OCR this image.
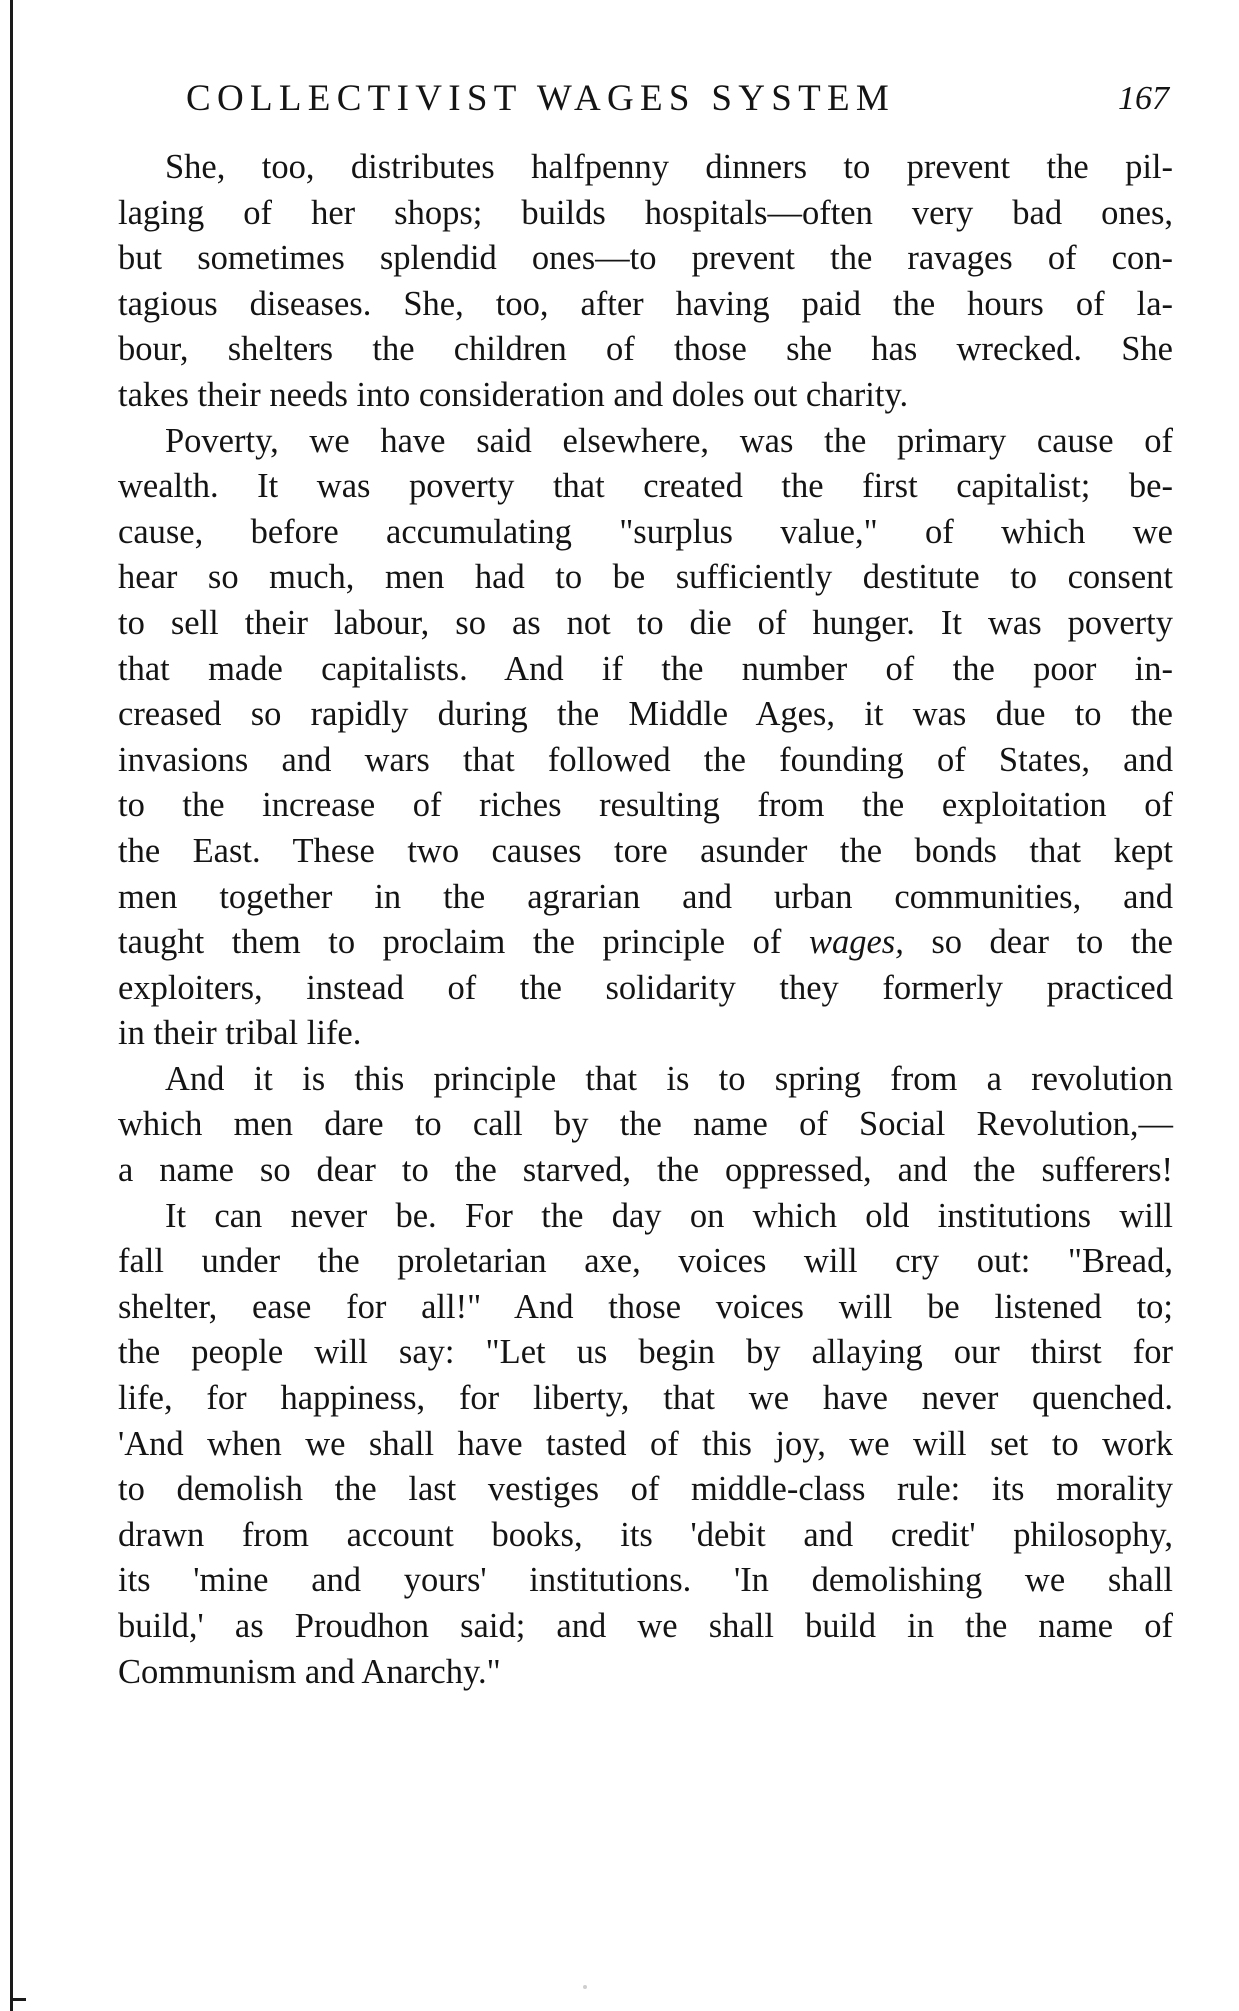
COLLECTIVIST WAGES SYSTEM	167
She, too, distributes halfpenny dinners to prevent the pil-
laging of her shops; builds hospitals—often very bad ones,
but sometimes splendid ones—to prevent the ravages of con-
tagious diseases. She, too, after having paid the hours of la-
bour, shelters the children of those she has wrecked. She
takes their needs into consideration and doles out charity.
Poverty, we have said elsewhere, was the primary cause of
wealth. It was poverty that created the first capitalist; be-
cause, before accumulating "surplus value," of which we
hear so much, men had to be sufficiently destitute to consent
to sell their labour, so as not to die of hunger. It was poverty
that made capitalists. And if the number of the poor in-
creased so rapidly during the Middle Ages, it was due to the
invasions and wars that followed the founding of States, and
to the increase of riches resulting from the exploitation of
the East. These two causes tore asunder the bonds that kept
men together in the agrarian and urban communities, and
taught them to proclaim the principle of wages, so dear to the
exploiters, instead of the solidarity they formerly practiced
in their tribal life.
And it is this principle that is to spring from a revolution
which men dare to call by the name of Social Revolution,—
a name so dear to the starved, the oppressed, and the sufferers!
It can never be. For the day on which old institutions will
fall under the proletarian axe, voices will cry out: "Bread,
shelter, ease for all!" And those voices will be listened to;
the people will say: "Let us begin by allaying our thirst for
life, for happiness, for liberty, that we have never quenched.
'And when we shall have tasted of this joy, we will set to work
to demolish the last vestiges of middle-class rule: its morality
drawn from account books, its 'debit and credit' philosophy,
its 'mine and yours' institutions. 'In demolishing we shall
build,' as Proudhon said; and we shall build in the name of
Communism and Anarchy."
